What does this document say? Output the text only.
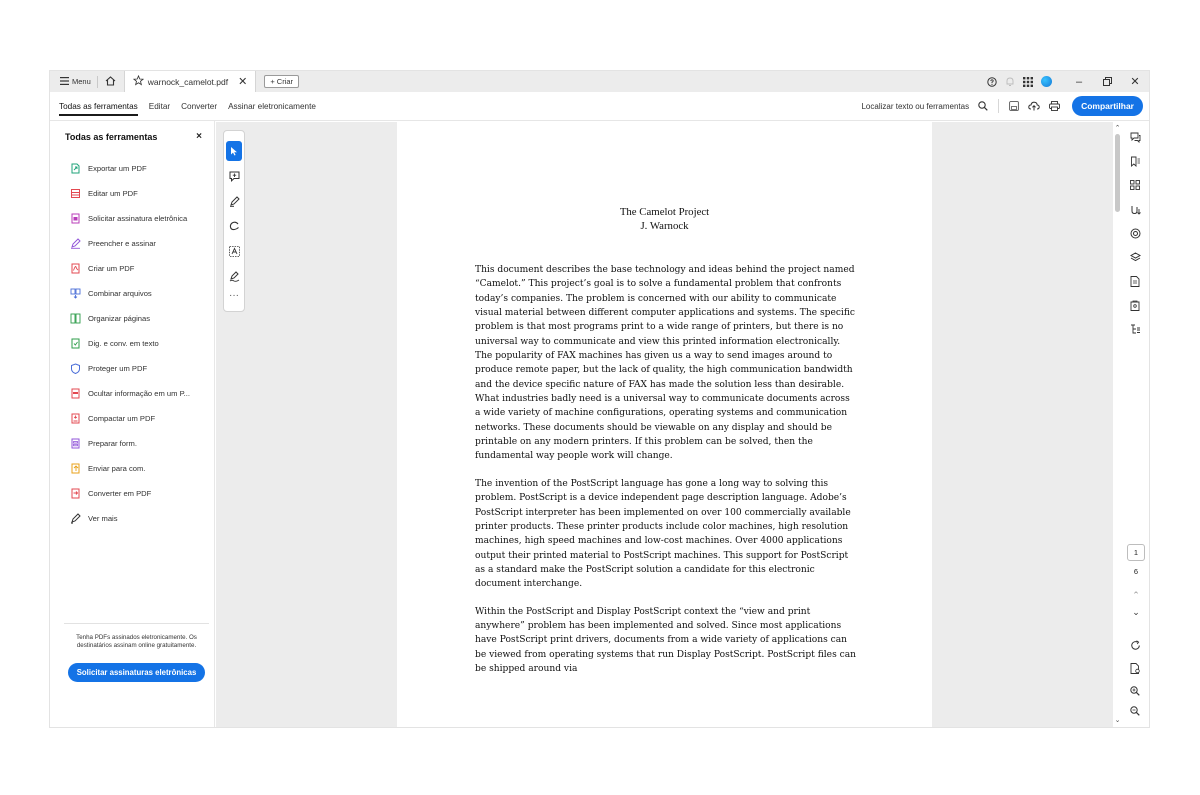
Menu	warnock_camelot.pdf ✕	+ Criar	–	✕
Todas as ferramentas Editar Converter Assinar eletronicamente	Localizar texto ou ferramentas	Compartilhar
Todas as ferramentas	×
Exportar um PDF
Editar um PDF
Solicitar assinatura eletrônica
Preencher e assinar
Criar um PDF
Combinar arquivos
Organizar páginas
Dig. e conv. em texto
Proteger um PDF
Ocultar informação em um P...
Compactar um PDF
Preparar form.
Enviar para com.
Converter em PDF
Ver mais
Tenha PDFs assinados eletronicamente. Os destinatários assinam online gratuitamente.
Solicitar assinaturas eletrônicas
The Camelot Project
J. Warnock

This document describes the base technology and ideas behind the project named “Camelot.” This project’s goal is to solve a fundamental problem that confronts today’s companies. The problem is concerned with our ability to communicate visual material between different computer applications and systems. The specific problem is that most programs print to a wide range of printers, but there is no universal way to communicate and view this printed information electronically. The popularity of FAX machines has given us a way to send images around to produce remote paper, but the lack of quality, the high communication bandwidth and the device specific nature of FAX has made the solution less than desirable. What industries badly need is a universal way to communicate documents across a wide variety of machine configurations, operating systems and communication networks. These documents should be viewable on any display and should be printable on any modern printers. If this problem can be solved, then the fundamental way people work will change.

The invention of the PostScript language has gone a long way to solving this problem. PostScript is a device independent page description language. Adobe’s PostScript interpreter has been implemented on over 100 commercially available printer products. These printer products include color machines, high resolution machines, high speed machines and low-cost machines. Over 4000 applications output their printed material to PostScript machines. This support for PostScript as a standard make the PostScript solution a candidate for this electronic document interchange.

Within the PostScript and Display PostScript context the “view and print anywhere” problem has been implemented and solved. Since most applications have PostScript print drivers, documents from a wide variety of applications can be viewed from operating systems that run Display PostScript. PostScript files can be shipped around via

···
⌃
⌄
1
6
⌃
⌄
